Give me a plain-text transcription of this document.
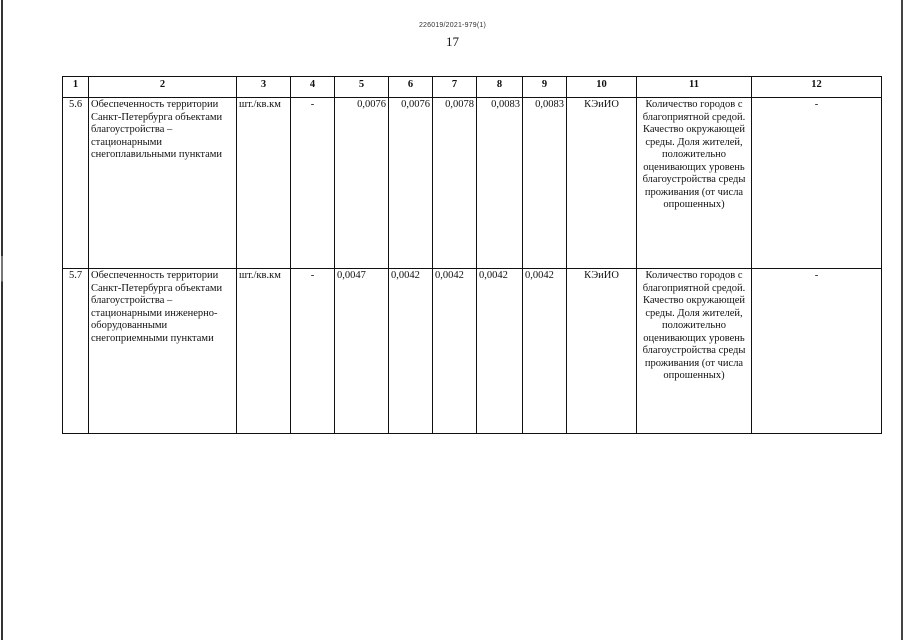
226019/2021-979(1)
17
1	2	3	4	5	6	7	8	9	10	11	12
5.6	Обеспеченность территории Санкт-Петербурга объектами благоустройства – стационарными снегоплавильными пунктами	шт./кв.км	-	0,0076	0,0076	0,0078	0,0083	0,0083	КЭиИО	Количество городов с благоприятной средой. Качество окружающей среды. Доля жителей, положительно оценивающих уровень благоустройства среды проживания (от числа опрошенных)	-
5.7	Обеспеченность территории Санкт-Петербурга объектами благоустройства – стационарными инженерно-оборудованными снегоприемными пунктами	шт./кв.км	-	0,0047	0,0042	0,0042	0,0042	0,0042	КЭиИО	Количество городов с благоприятной средой. Качество окружающей среды. Доля жителей, положительно оценивающих уровень благоустройства среды проживания (от числа опрошенных)	-
